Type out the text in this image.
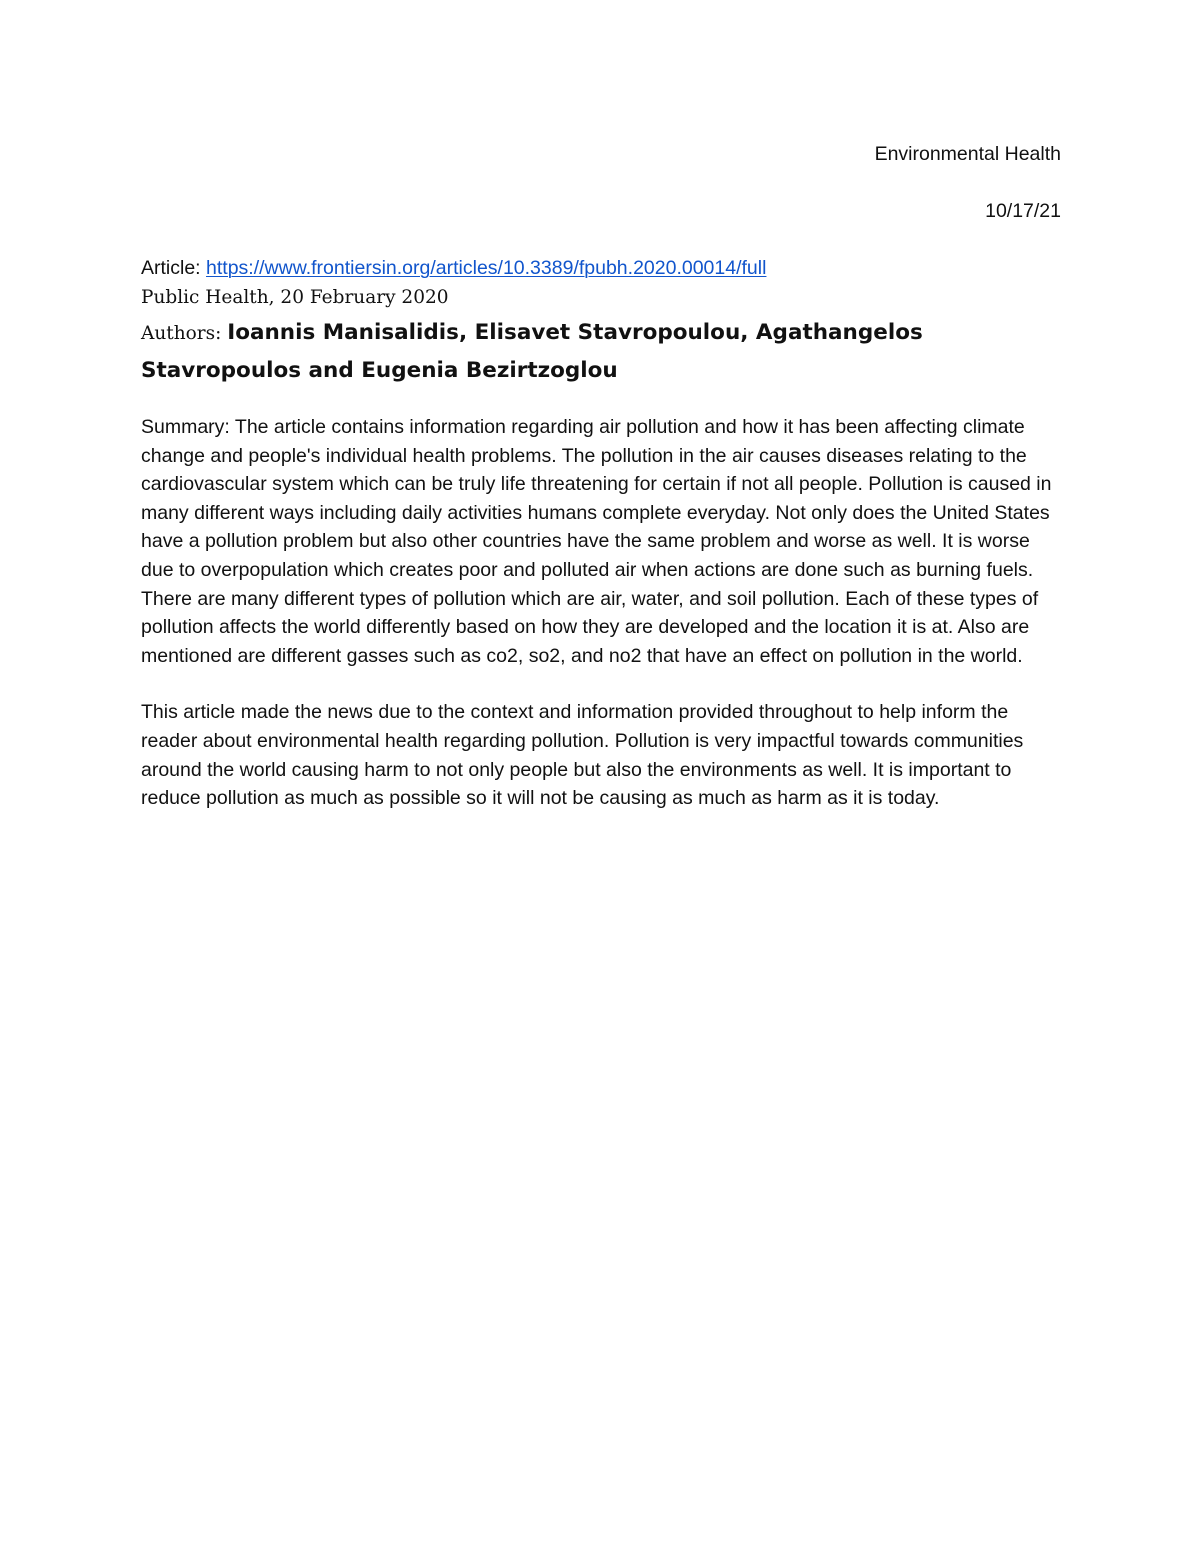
Environmental Health
10/17/21
Article: https://www.frontiersin.org/articles/10.3389/fpubh.2020.00014/full
Public Health, 20 February 2020
Authors: Ioannis Manisalidis, Elisavet Stavropoulou, Agathangelos Stavropoulos and Eugenia Bezirtzoglou

Summary: The article contains information regarding air pollution and how it has been affecting climate change and people's individual health problems. The pollution in the air causes diseases relating to the cardiovascular system which can be truly life threatening for certain if not all people. Pollution is caused in many different ways including daily activities humans complete everyday. Not only does the United States have a pollution problem but also other countries have the same problem and worse as well. It is worse due to overpopulation which creates poor and polluted air when actions are done such as burning fuels. There are many different types of pollution which are air, water, and soil pollution. Each of these types of pollution affects the world differently based on how they are developed and the location it is at. Also are mentioned are different gasses such as co2, so2, and no2 that have an effect on pollution in the world.

This article made the news due to the context and information provided throughout to help inform the reader about environmental health regarding pollution. Pollution is very impactful towards communities around the world causing harm to not only people but also the environments as well. It is important to reduce pollution as much as possible so it will not be causing as much as harm as it is today.
